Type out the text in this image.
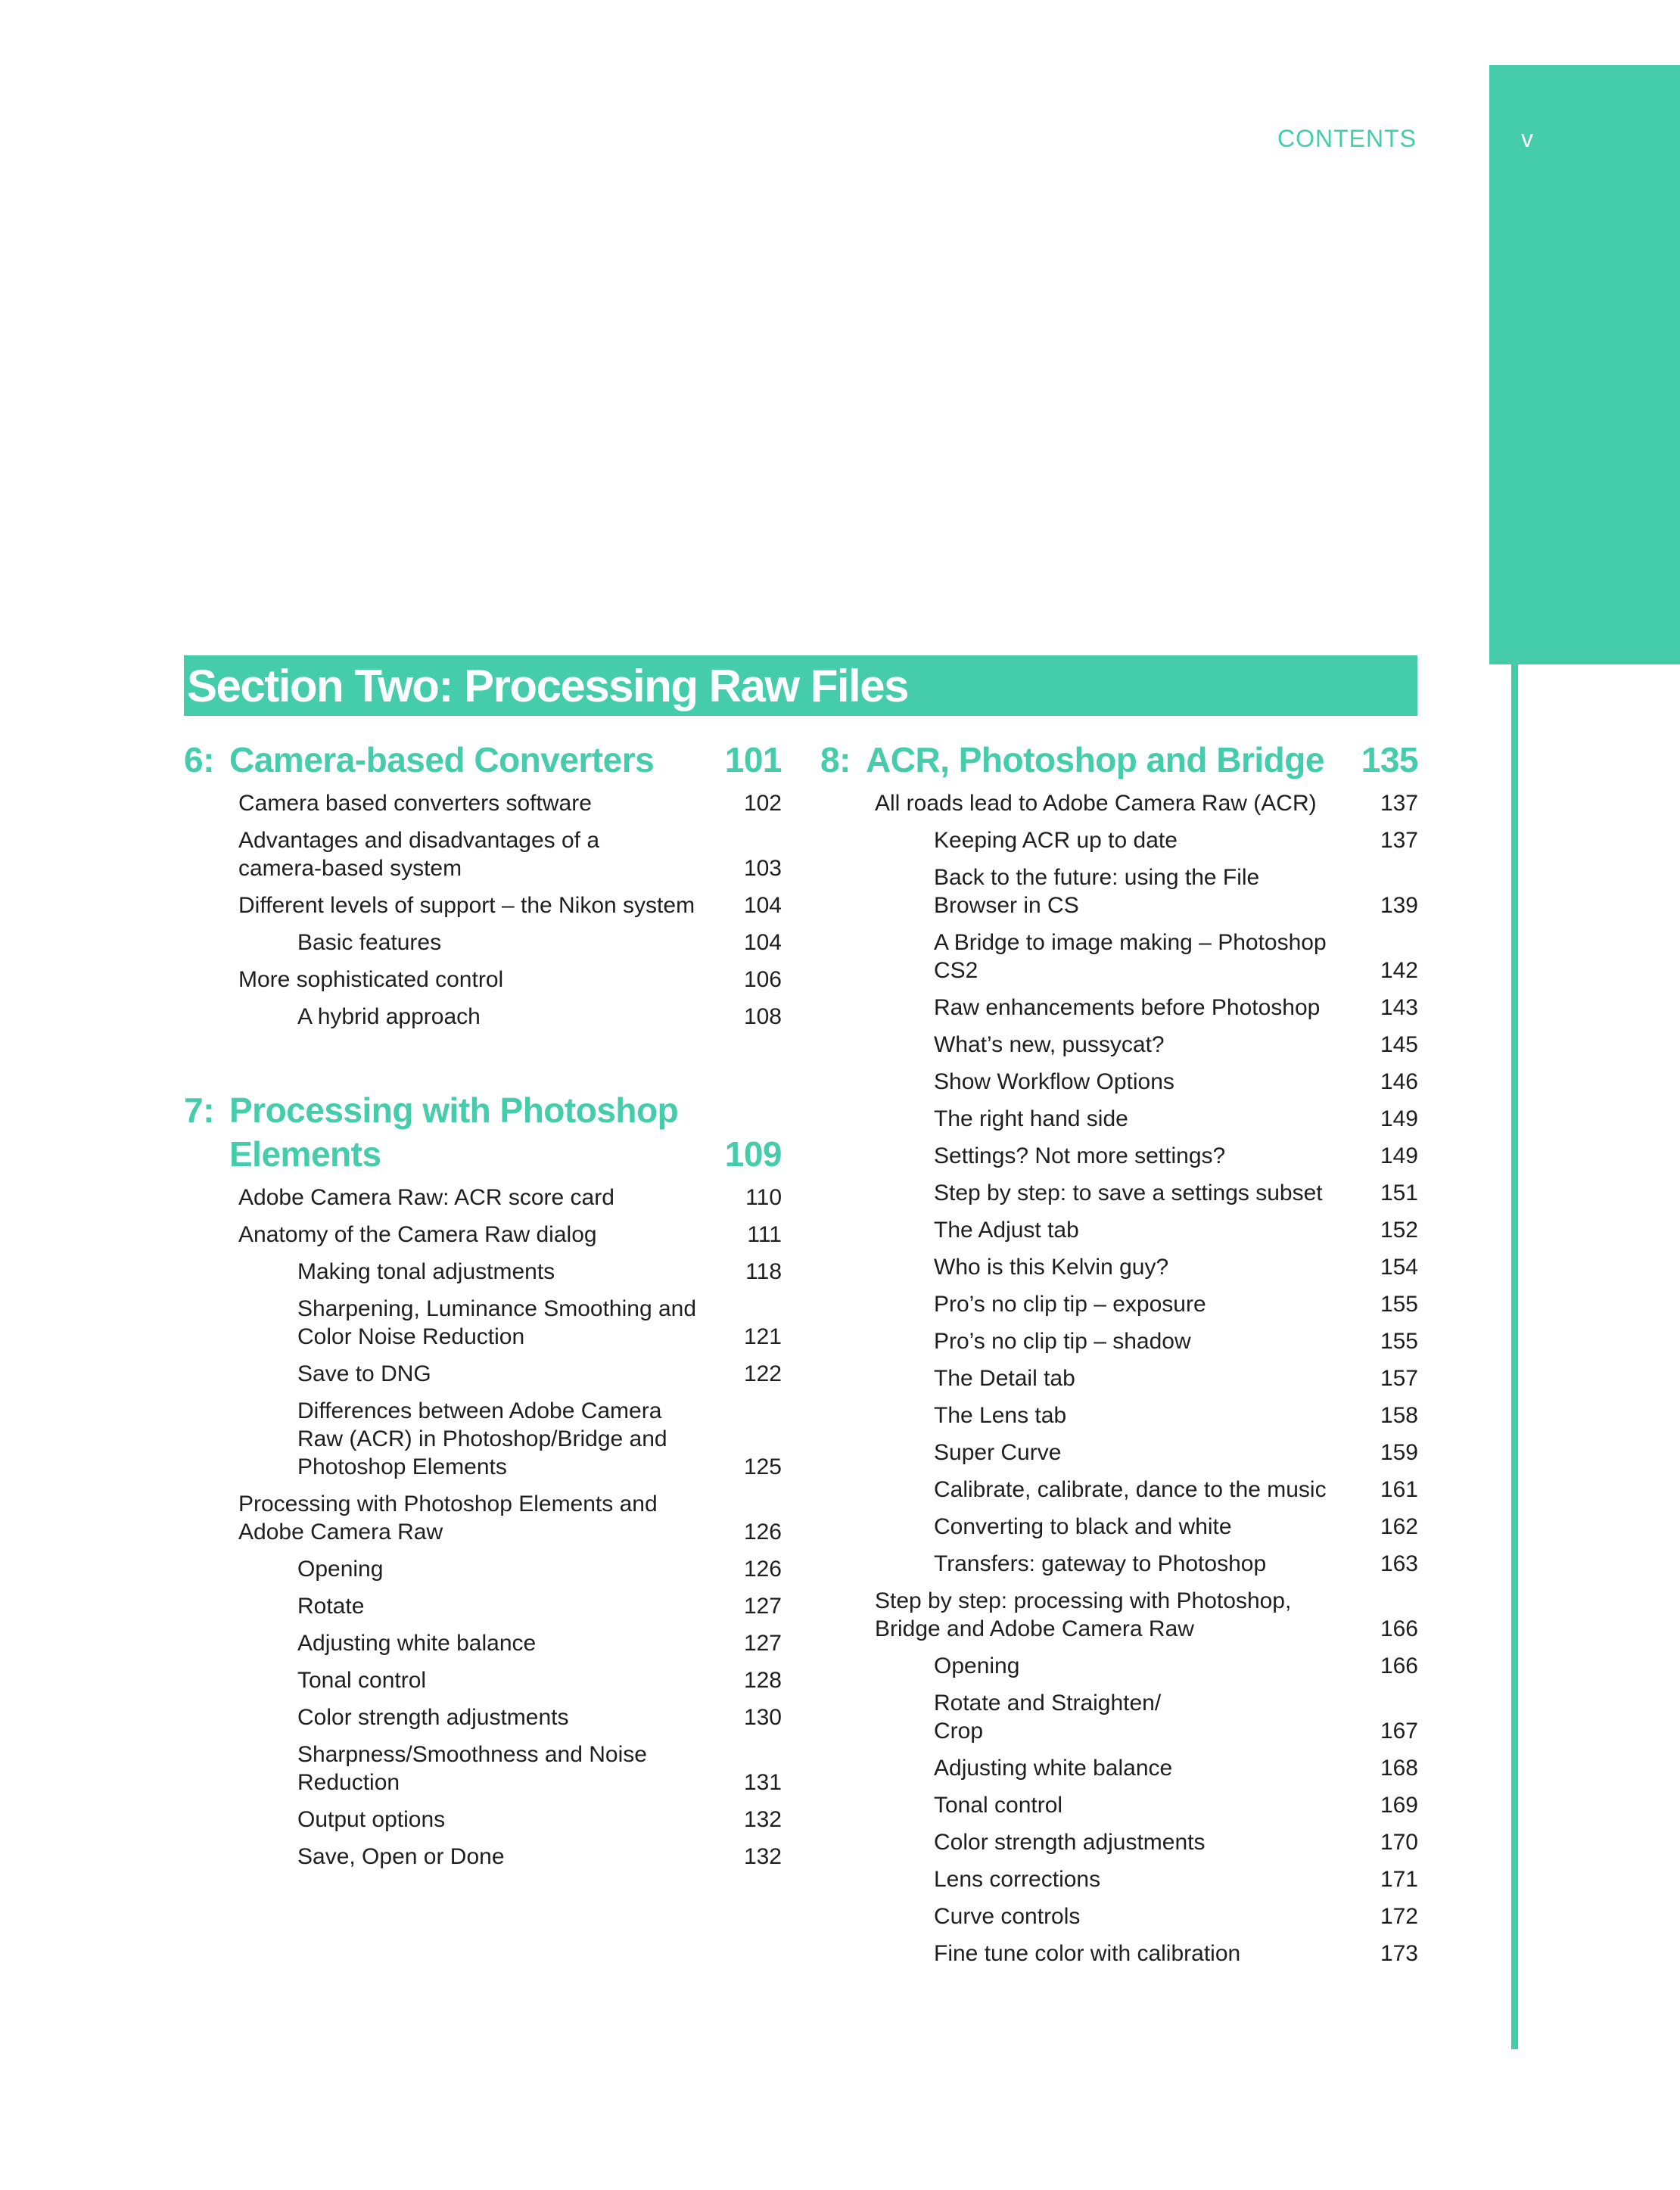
v
CONTENTS
Section Two: Processing Raw Files
6: Camera-based Converters	101
Camera based converters software	102
Advantages and disadvantages of a
camera-based system	103
Different levels of support – the Nikon system	104
Basic features	104
More sophisticated control	106
A hybrid approach	108
7: Processing with Photoshop
Elements	109
Adobe Camera Raw: ACR score card	110
Anatomy of the Camera Raw dialog	111
Making tonal adjustments	118
Sharpening, Luminance Smoothing and
Color Noise Reduction	121
Save to DNG	122
Differences between Adobe Camera
Raw (ACR) in Photoshop/Bridge and
Photoshop Elements	125
Processing with Photoshop Elements and
Adobe Camera Raw	126
Opening	126
Rotate	127
Adjusting white balance	127
Tonal control	128
Color strength adjustments	130
Sharpness/Smoothness and Noise
Reduction	131
Output options	132
Save, Open or Done	132
8: ACR, Photoshop and Bridge	135
All roads lead to Adobe Camera Raw (ACR)	137
Keeping ACR up to date	137
Back to the future: using the File
Browser in CS	139
A Bridge to image making – Photoshop
CS2	142
Raw enhancements before Photoshop	143
What’s new, pussycat?	145
Show Workflow Options	146
The right hand side	149
Settings? Not more settings?	149
Step by step: to save a settings subset	151
The Adjust tab	152
Who is this Kelvin guy?	154
Pro’s no clip tip – exposure	155
Pro’s no clip tip – shadow	155
The Detail tab	157
The Lens tab	158
Super Curve	159
Calibrate, calibrate, dance to the music	161
Converting to black and white	162
Transfers: gateway to Photoshop	163
Step by step: processing with Photoshop,
Bridge and Adobe Camera Raw	166
Opening	166
Rotate and Straighten/
Crop	167
Adjusting white balance	168
Tonal control	169
Color strength adjustments	170
Lens corrections	171
Curve controls	172
Fine tune color with calibration	173
